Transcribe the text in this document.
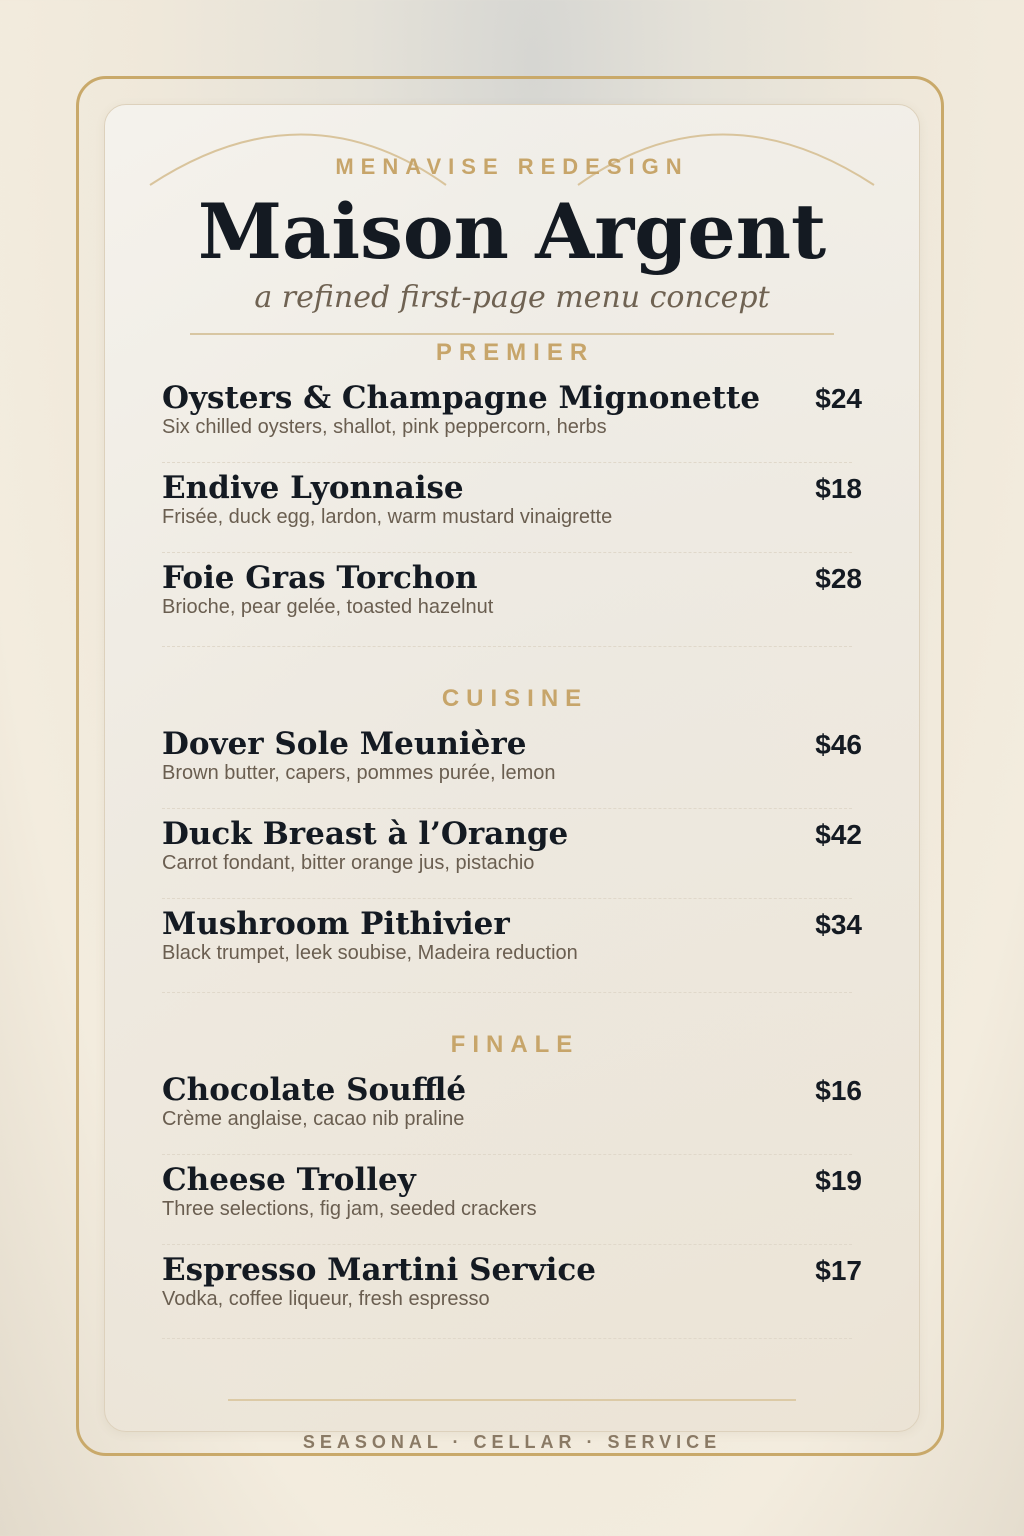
MENAVISE REDESIGN
Maison Argent
a refined first-page menu concept
PREMIER
Oysters & Champagne Mignonette $24
Six chilled oysters, shallot, pink peppercorn, herbs
Endive Lyonnaise	$18
Frisée, duck egg, lardon, warm mustard vinaigrette
Foie Gras Torchon	$28
Brioche, pear gelée, toasted hazelnut
CUISINE
Dover Sole Meunière	$46
Brown butter, capers, pommes purée, lemon
Duck Breast à l’Orange	$42
Carrot fondant, bitter orange jus, pistachio
Mushroom Pithivier	$34
Black trumpet, leek soubise, Madeira reduction
FINALE
Chocolate Soufflé	$16
Crème anglaise, cacao nib praline
Cheese Trolley	$19
Three selections, fig jam, seeded crackers
Espresso Martini Service	$17
Vodka, coffee liqueur, fresh espresso
SEASONAL · CELLAR · SERVICE
